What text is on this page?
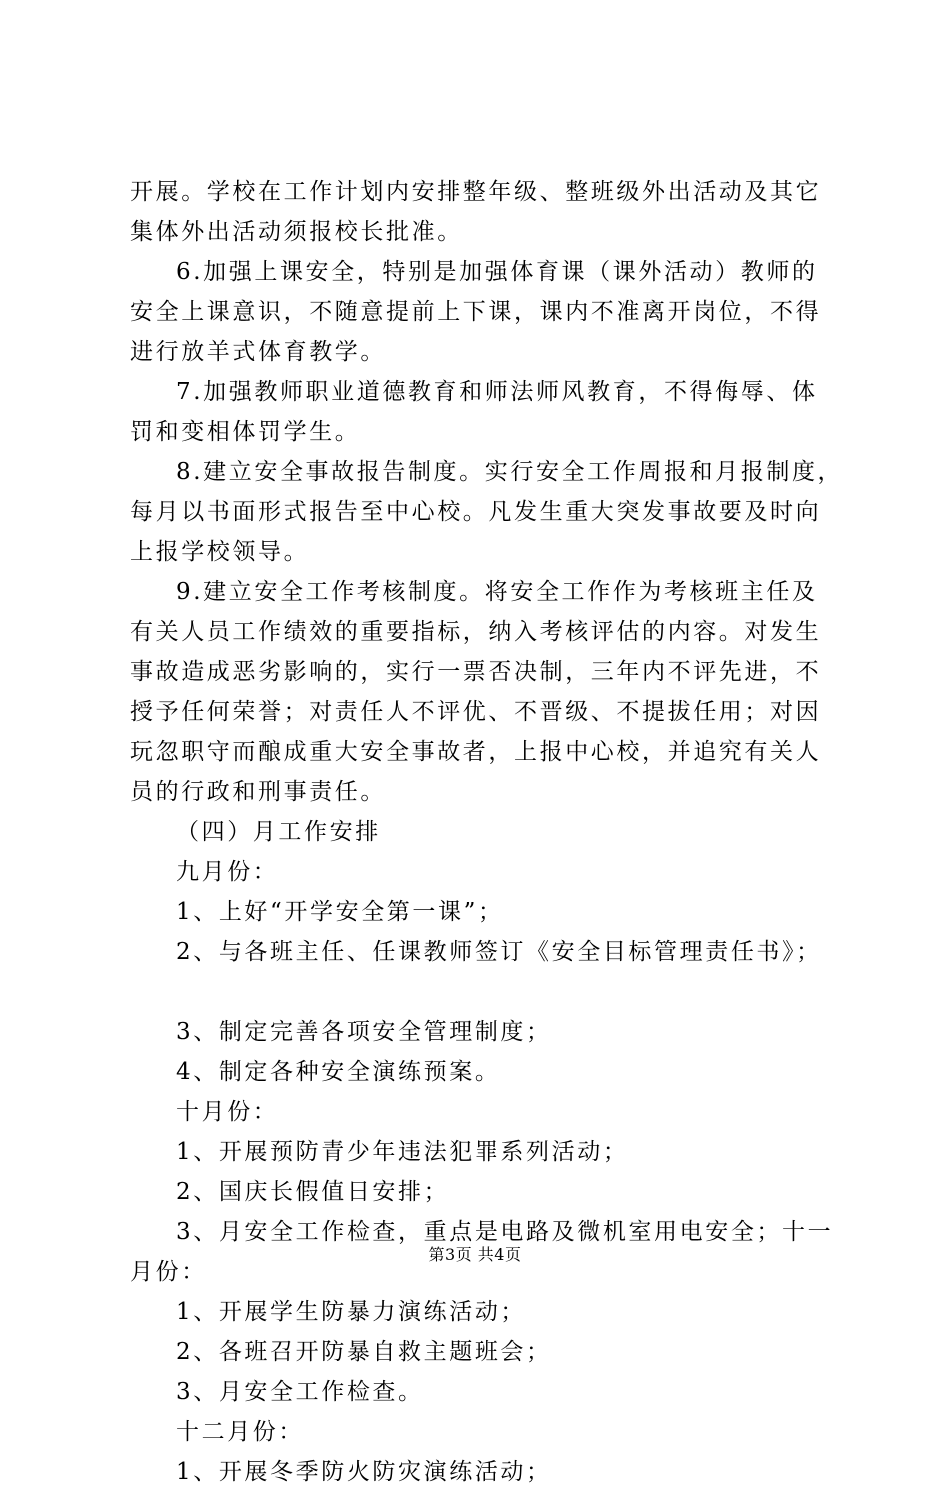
开展。学校在工作计划内安排整年级、整班级外出活动及其它
集体外出活动须报校长批准。
6.加强上课安全，特别是加强体育课（课外活动）教师的
安全上课意识，不随意提前上下课，课内不准离开岗位，不得
进行放羊式体育教学。
7.加强教师职业道德教育和师法师风教育，不得侮辱、体
罚和变相体罚学生。
8.建立安全事故报告制度。实行安全工作周报和月报制度，
每月以书面形式报告至中心校。凡发生重大突发事故要及时向
上报学校领导。
9.建立安全工作考核制度。将安全工作作为考核班主任及
有关人员工作绩效的重要指标，纳入考核评估的内容。对发生
事故造成恶劣影响的，实行一票否决制，三年内不评先进，不
授予任何荣誉；对责任人不评优、不晋级、不提拔任用；对因
玩忽职守而酿成重大安全事故者，上报中心校，并追究有关人
员的行政和刑事责任。
（四）月工作安排
九月份：
1、上好“开学安全第一课”；
2、与各班主任、任课教师签订《安全目标管理责任书》；
3、制定完善各项安全管理制度；
4、制定各种安全演练预案。
十月份：
1、开展预防青少年违法犯罪系列活动；
2、国庆长假值日安排；
3、月安全工作检查，重点是电路及微机室用电安全；十一
月份：
1、开展学生防暴力演练活动；
2、各班召开防暴自救主题班会；
3、月安全工作检查。
十二月份：
1、开展冬季防火防灾演练活动；
第3页 共4页
